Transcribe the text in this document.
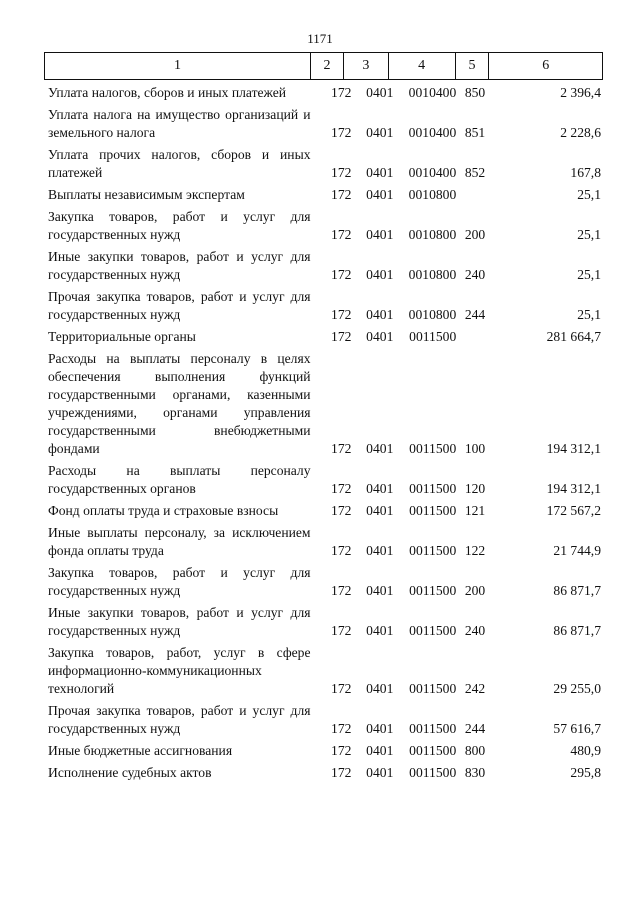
1171
1	2	3	4	5	6
Уплата налогов, сборов и иных платежей	172	0401	0010400 850	2 396,4
Уплата налога на имущество организаций и земельного налога	172	0401	0010400 851	2 228,6
Уплата прочих налогов, сборов и иных платежей	172	0401	0010400 852	167,8
Выплаты независимым экспертам	172	0401	0010800	25,1
Закупка товаров, работ и услуг для государственных нужд	172	0401	0010800 200	25,1
Иные закупки товаров, работ и услуг для государственных нужд	172	0401	0010800 240	25,1
Прочая закупка товаров, работ и услуг для государственных нужд	172	0401	0010800 244	25,1
Территориальные органы	172	0401	0011500	281 664,7
Расходы на выплаты персоналу в целях обеспечения выполнения функций государственными органами, казенными учреждениями, органами управления государственными внебюджетными фондами	172	0401	0011500 100	194 312,1
Расходы на выплаты персоналу государственных органов	172	0401	0011500 120	194 312,1
Фонд оплаты труда и страховые взносы	172	0401	0011500 121	172 567,2
Иные выплаты персоналу, за исключением фонда оплаты труда	172	0401	0011500 122	21 744,9
Закупка товаров, работ и услуг для государственных нужд	172	0401	0011500 200	86 871,7
Иные закупки товаров, работ и услуг для государственных нужд	172	0401	0011500 240	86 871,7
Закупка товаров, работ, услуг в сфере информационно-коммуникационных технологий	172	0401	0011500 242	29 255,0
Прочая закупка товаров, работ и услуг для государственных нужд	172	0401	0011500 244	57 616,7
Иные бюджетные ассигнования	172	0401	0011500 800	480,9
Исполнение судебных актов	172	0401	0011500 830	295,8
